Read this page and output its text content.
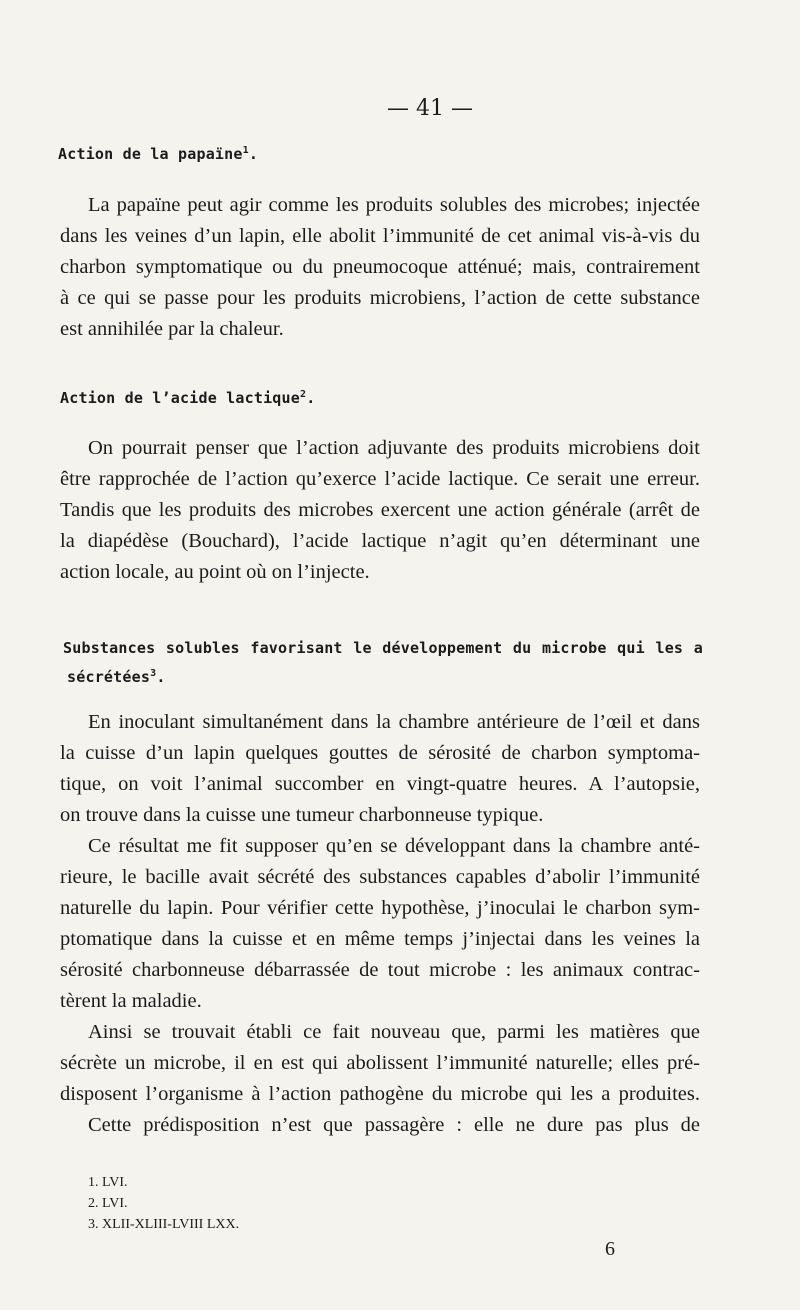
— 41 —
Action de la papaïne$^1$.
La papaïne peut agir comme les produits solubles des microbes; injectée
dans les veines d’un lapin, elle abolit l’immunité de cet animal vis-à-vis du
charbon symptomatique ou du pneumocoque atténué; mais, contrairement
à ce qui se passe pour les produits microbiens, l’action de cette substance
est annihilée par la chaleur.
Action de l’acide lactique$^2$.
On pourrait penser que l’action adjuvante des produits microbiens doit
être rapprochée de l’action qu’exerce l’acide lactique. Ce serait une erreur.
Tandis que les produits des microbes exercent une action générale (arrêt de
la diapédèse (Bouchard), l’acide lactique n’agit qu’en déterminant une
action locale, au point où on l’injecte.
Substances solubles favorisant le développement du microbe qui les a
sécrétées$^3$.
En inoculant simultanément dans la chambre antérieure de l’œil et dans
la cuisse d’un lapin quelques gouttes de sérosité de charbon symptoma-
tique, on voit l’animal succomber en vingt-quatre heures. A l’autopsie,
on trouve dans la cuisse une tumeur charbonneuse typique.
Ce résultat me fit supposer qu’en se développant dans la chambre anté-
rieure, le bacille avait sécrété des substances capables d’abolir l’immunité
naturelle du lapin. Pour vérifier cette hypothèse, j’inoculai le charbon sym-
ptomatique dans la cuisse et en même temps j’injectai dans les veines la
sérosité charbonneuse débarrassée de tout microbe : les animaux contrac-
tèrent la maladie.
Ainsi se trouvait établi ce fait nouveau que, parmi les matières que
sécrète un microbe, il en est qui abolissent l’immunité naturelle; elles pré-
disposent l’organisme à l’action pathogène du microbe qui les a produites.
Cette prédisposition n’est que passagère : elle ne dure pas plus de
1. LVI.
2. LVI.
3. XLII-XLIII-LVIII LXX.
6
